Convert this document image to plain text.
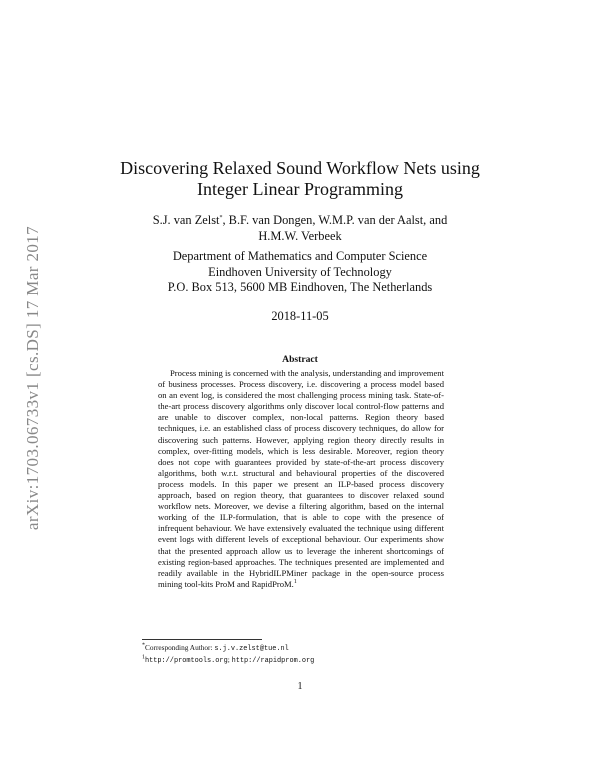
arXiv:1703.06733v1 [cs.DS] 17 Mar 2017
Discovering Relaxed Sound Workflow Nets using
Integer Linear Programming
S.J. van Zelst*, B.F. van Dongen, W.M.P. van der Aalst, and
H.M.W. Verbeek
Department of Mathematics and Computer Science
Eindhoven University of Technology
P.O. Box 513, 5600 MB Eindhoven, The Netherlands
2018-11-05
Abstract

Process mining is concerned with the analysis, understanding and improvement of business processes. Process discovery, i.e. discovering a process model based on an event log, is considered the most challenging process mining task. State-of-the-art process discovery algorithms only discover local control-flow patterns and are unable to discover complex, non-local patterns. Region theory based techniques, i.e. an established class of process discovery techniques, do allow for discovering such patterns. However, applying region theory directly results in complex, over-fitting models, which is less desirable. Moreover, region theory does not cope with guarantees provided by state-of-the-art process discovery algorithms, both w.r.t. structural and behavioural properties of the discovered process models. In this paper we present an ILP-based process discovery approach, based on region theory, that guarantees to discover relaxed sound workflow nets. Moreover, we devise a filtering algorithm, based on the internal working of the ILP-formulation, that is able to cope with the presence of infrequent behaviour. We have extensively evaluated the technique using different event logs with different levels of exceptional behaviour. Our experiments show that the presented approach allow us to leverage the inherent shortcomings of existing region-based approaches. The techniques presented are implemented and readily available in the HybridILPMiner package in the open-source process mining tool-kits ProM and RapidProM.$^1$

*Corresponding Author: s.j.v.zelst@tue.nl
$^1$http://promtools.org; http://rapidprom.org
1
